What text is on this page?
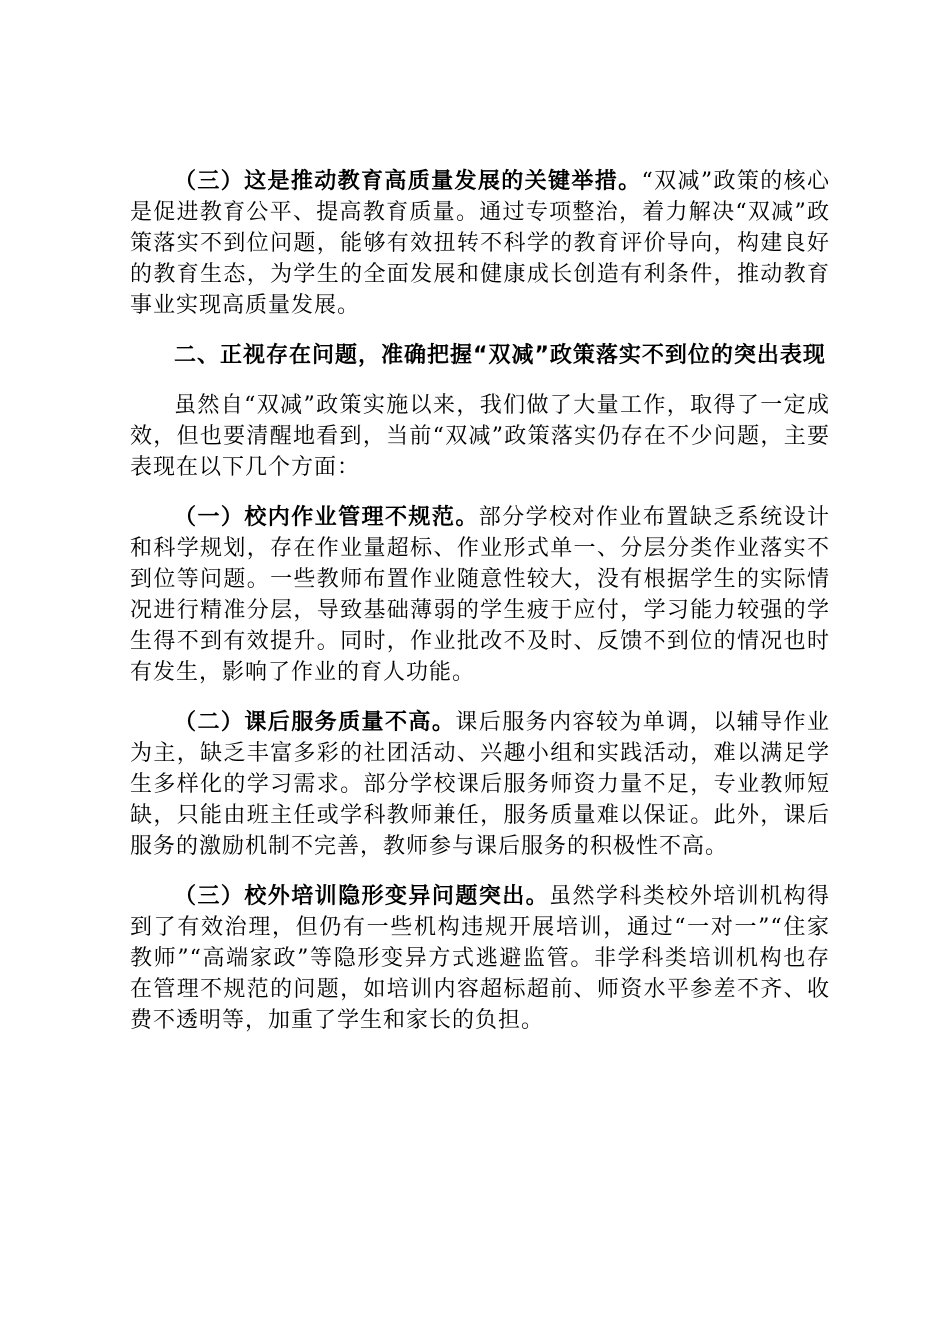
（三）这是推动教育高质量发展的关键举措。“双减”政策的核心是促进教育公平、提高教育质量。通过专项整治，着力解决“双减”政策落实不到位问题，能够有效扭转不科学的教育评价导向，构建良好的教育生态，为学生的全面发展和健康成长创造有利条件，推动教育事业实现高质量发展。

二、正视存在问题，准确把握“双减”政策落实不到位的突出表现

虽然自“双减”政策实施以来，我们做了大量工作，取得了一定成效，但也要清醒地看到，当前“双减”政策落实仍存在不少问题，主要表现在以下几个方面：

（一）校内作业管理不规范。部分学校对作业布置缺乏系统设计和科学规划，存在作业量超标、作业形式单一、分层分类作业落实不到位等问题。一些教师布置作业随意性较大，没有根据学生的实际情况进行精准分层，导致基础薄弱的学生疲于应付，学习能力较强的学生得不到有效提升。同时，作业批改不及时、反馈不到位的情况也时有发生，影响了作业的育人功能。

（二）课后服务质量不高。课后服务内容较为单调，以辅导作业为主，缺乏丰富多彩的社团活动、兴趣小组和实践活动，难以满足学生多样化的学习需求。部分学校课后服务师资力量不足，专业教师短缺，只能由班主任或学科教师兼任，服务质量难以保证。此外，课后服务的激励机制不完善，教师参与课后服务的积极性不高。

（三）校外培训隐形变异问题突出。虽然学科类校外培训机构得到了有效治理，但仍有一些机构违规开展培训，通过“一对一”“住家教师”“高端家政”等隐形变异方式逃避监管。非学科类培训机构也存在管理不规范的问题，如培训内容超标超前、师资水平参差不齐、收费不透明等，加重了学生和家长的负担。
